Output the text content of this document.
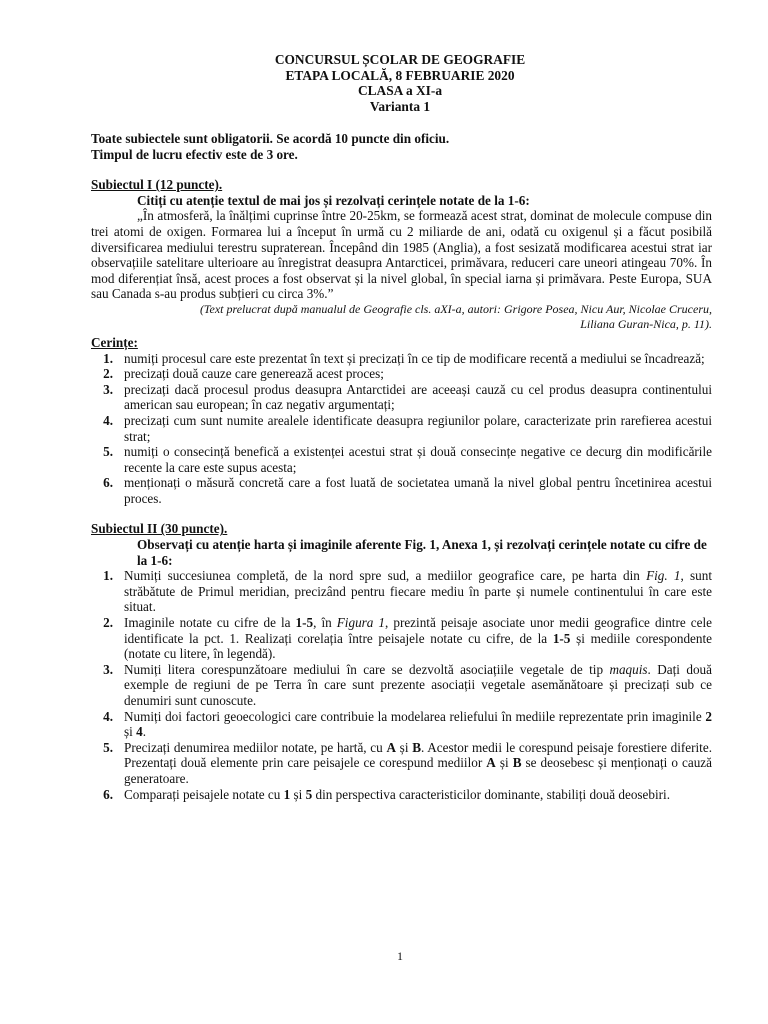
CONCURSUL ȘCOLAR DE GEOGRAFIE
ETAPA LOCALĂ, 8 FEBRUARIE 2020
CLASA a XI-a
Varianta 1

Toate subiectele sunt obligatorii. Se acordă 10 puncte din oficiu.

Timpul de lucru efectiv este de 3 ore.

Subiectul I (12 puncte).

Citiți cu atenție textul de mai jos și rezolvați cerințele notate de la 1-6:

„În atmosferă, la înălțimi cuprinse între 20-25km, se formează acest strat, dominat de molecule compuse din trei atomi de oxigen. Formarea lui a început în urmă cu 2 miliarde de ani, odată cu oxigenul și a făcut posibilă diversificarea mediului terestru supraterean. Începând din 1985 (Anglia), a fost sesizată modificarea acestui strat iar observațiile satelitare ulterioare au înregistrat deasupra Antarcticei, primăvara, reduceri care uneori atingeau 70%. În mod diferențiat însă, acest proces a fost observat și la nivel global, în special iarna și primăvara. Peste Europa, SUA sau Canada s-au produs subțieri cu circa 3%.”

(Text prelucrat după manualul de Geografie cls. aXI-a, autori: Grigore Posea, Nicu Aur, Nicolae Cruceru,
Liliana Guran-Nica, p. 11).

Cerințe:

1. numiți procesul care este prezentat în text și precizați în ce tip de modificare recentă a mediului se încadrează;
2. precizați două cauze care generează acest proces;
3. precizați dacă procesul produs deasupra Antarctidei are aceeași cauză cu cel produs deasupra continentului american sau european; în caz negativ argumentați;
4. precizați cum sunt numite arealele identificate deasupra regiunilor polare, caracterizate prin rarefierea acestui strat;
5. numiți o consecință benefică a existenței acestui strat și două consecințe negative ce decurg din modificările recente la care este supus acesta;
6. menționați o măsură concretă care a fost luată de societatea umană la nivel global pentru încetinirea acestui proces.

Subiectul II (30 puncte).

Observați cu atenție harta și imaginile aferente Fig. 1, Anexa 1, și rezolvați cerințele notate cu cifre de la 1-6:

1. Numiți succesiunea completă, de la nord spre sud, a mediilor geografice care, pe harta din Fig. 1, sunt străbătute de Primul meridian, precizând pentru fiecare mediu în parte și numele continentului în care este situat.
2. Imaginile notate cu cifre de la 1-5, în Figura 1, prezintă peisaje asociate unor medii geografice dintre cele identificate la pct. 1. Realizați corelația între peisajele notate cu cifre, de la 1-5 și mediile corespondente (notate cu litere, în legendă).
3. Numiți litera corespunzătoare mediului în care se dezvoltă asociațiile vegetale de tip maquis. Dați două exemple de regiuni de pe Terra în care sunt prezente asociații vegetale asemănătoare și precizați sub ce denumiri sunt cunoscute.
4. Numiți doi factori geoecologici care contribuie la modelarea reliefului în mediile reprezentate prin imaginile 2 și 4.
5. Precizați denumirea mediilor notate, pe hartă, cu A și B. Acestor medii le corespund peisaje forestiere diferite. Prezentați două elemente prin care peisajele ce corespund mediilor A și B se deosebesc și menționați o cauză generatoare.
6. Comparați peisajele notate cu 1 și 5 din perspectiva caracteristicilor dominante, stabiliți două deosebiri.
1
